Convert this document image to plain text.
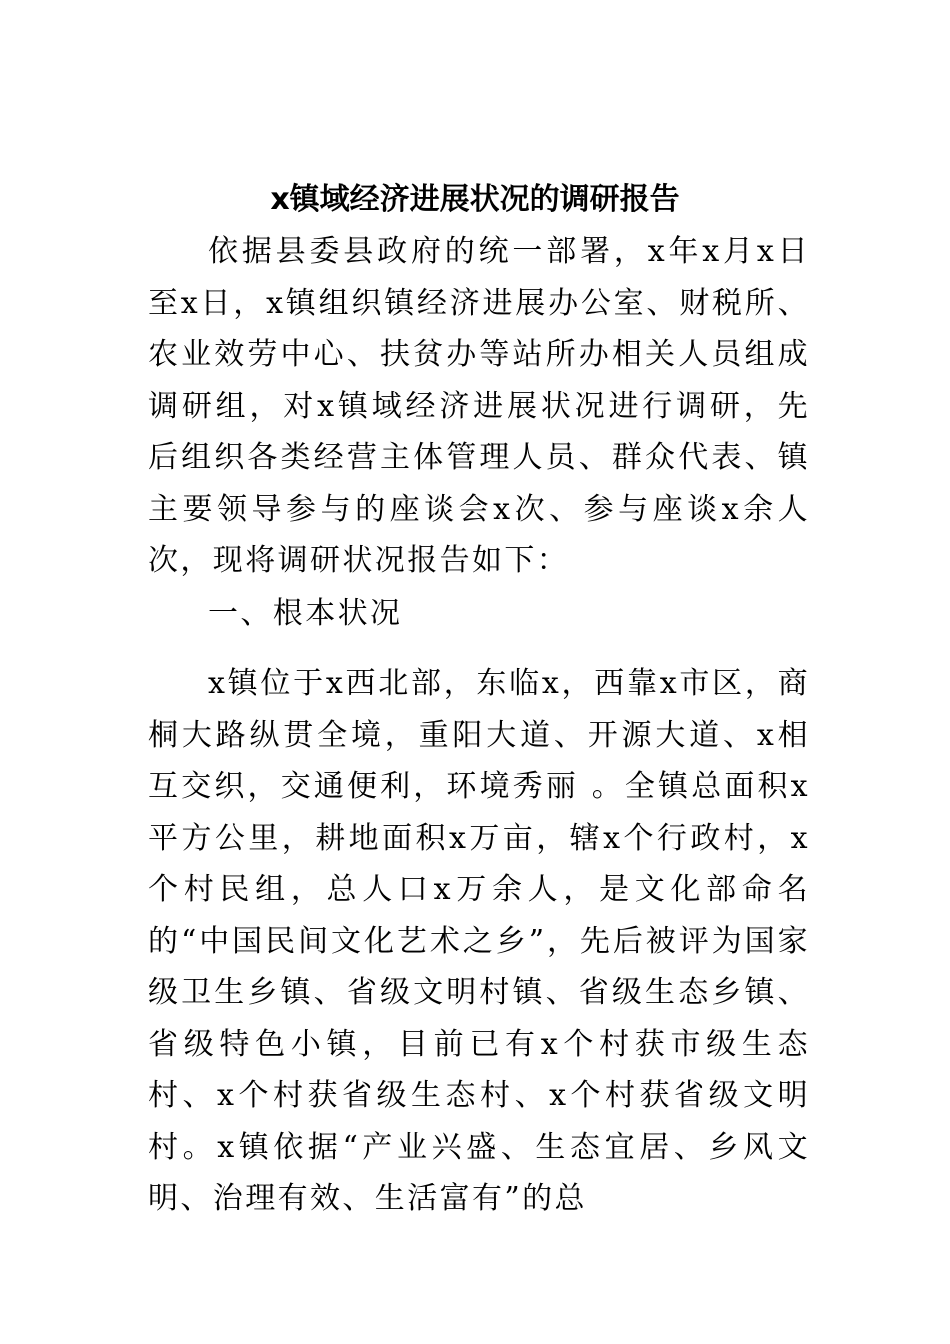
x镇域经济进展状况的调研报告

依据县委县政府的统一部署，x年x月x日至x日，x镇组织镇经济进展办公室、财税所、农业效劳中心、扶贫办等站所办相关人员组成调研组，对x镇域经济进展状况进行调研，先后组织各类经营主体管理人员、群众代表、镇主要领导参与的座谈会x次、参与座谈x余人次，现将调研状况报告如下：

一、根本状况

x镇位于x西北部，东临x，西靠x市区，商桐大路纵贯全境，重阳大道、开源大道、x相互交织，交通便利，环境秀丽 。全镇总面积x平方公里，耕地面积x万亩，辖x个行政村，x个村民组，总人口x万余人，是文化部命名的“中国民间文化艺术之乡”，先后被评为国家级卫生乡镇、省级文明村镇、省级生态乡镇、省级特色小镇，目前已有x个村获市级生态村、x个村获省级生态村、x个村获省级文明村。x镇依据“产业兴盛、生态宜居、乡风文明、治理有效、生活富有”的总
